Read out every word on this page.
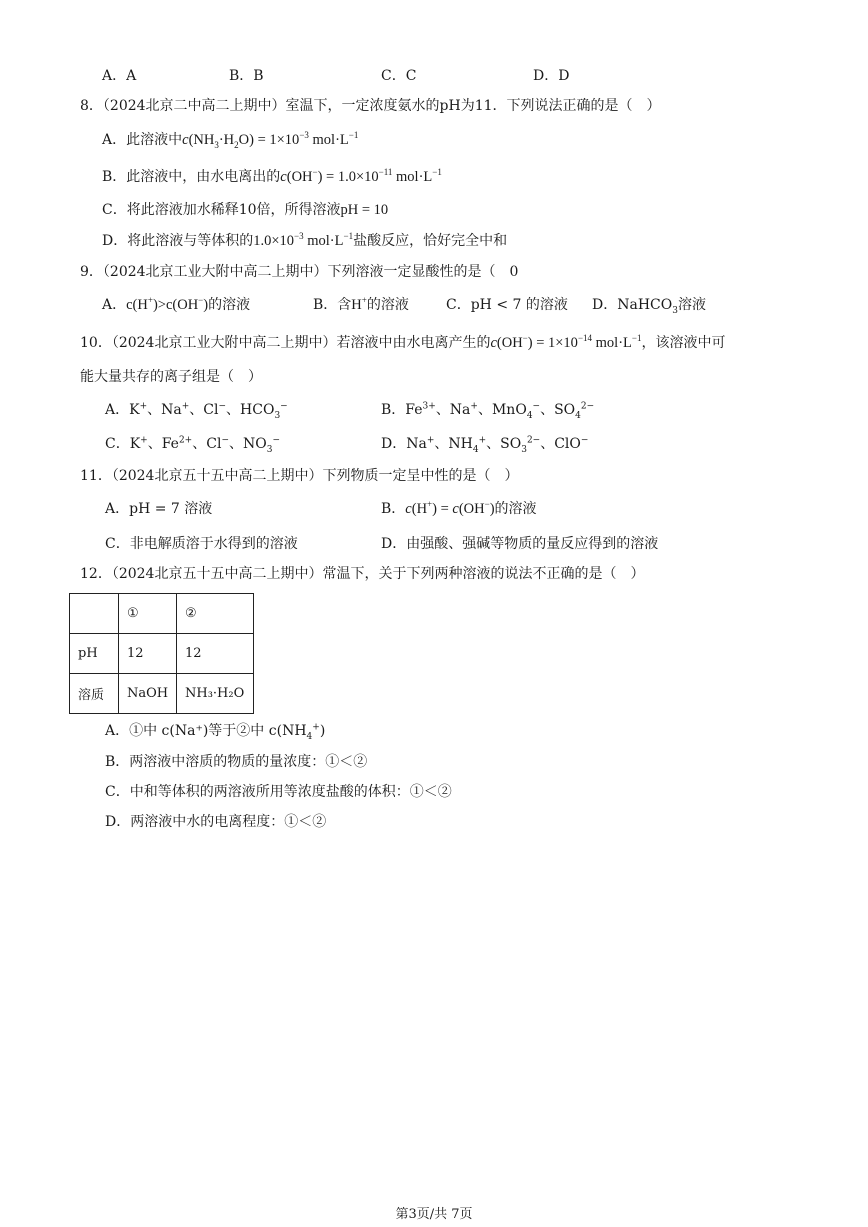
A．A	B．B	C．C	D．D
8．（2024北京二中高二上期中）室温下，一定浓度氨水的pH为11．下列说法正确的是（　）
A．此溶液中$c(NH_3\cdot H_2O) = 1\times 10^{-3}$ $mol\cdot L^{-1}$
B．此溶液中，由水电离出的$c(OH^-) = 1.0\times 10^{-11}$ $mol\cdot L^{-1}$
C．将此溶液加水稀释10倍，所得溶液pH = 10
D．将此溶液与等体积的$1.0\times 10^{-3}$ $mol\cdot L^{-1}$盐酸反应，恰好完全中和
9．（2024北京工业大附中高二上期中）下列溶液一定显酸性的是（　0
A．c(H+)>c(OH−)的溶液	B．含H+的溶液	C．pH < 7 的溶液 D．NaHCO$_3$溶液
10．（2024北京工业大附中高二上期中）若溶液中由水电离产生的$c(OH^-) = 1\times 10^{-14}$ $mol\cdot L^{-1}$，该溶液中可
能大量共存的离子组是（　）
A．K+、Na+、Cl−、$HCO_3^-$	B．$Fe^{3+}$、Na+、MnO$_4$−、$SO_4^{2-}$
C．K+、$Fe^{2+}$、Cl−、$NO_3^-$	D．Na+、$NH_4^+$、$SO_3^{2-}$、ClO−
11．（2024北京五十五中高二上期中）下列物质一定呈中性的是（　）
A．pH = 7 溶液	B．c(H+) = c(OH−)的溶液
C．非电解质溶于水得到的溶液	D．由强酸、强碱等物质的量反应得到的溶液
12．（2024北京五十五中高二上期中）常温下，关于下列两种溶液的说法不正确的是（　）
	①	②
pH	12	12
溶质	NaOH	NH₃·H₂O
A．①中 c(Na⁺)等于②中 $c(NH_4^+)$
B．两溶液中溶质的物质的量浓度：①＜②
C．中和等体积的两溶液所用等浓度盐酸的体积：①＜②
D．两溶液中水的电离程度：①＜②
第3页/共 7页
